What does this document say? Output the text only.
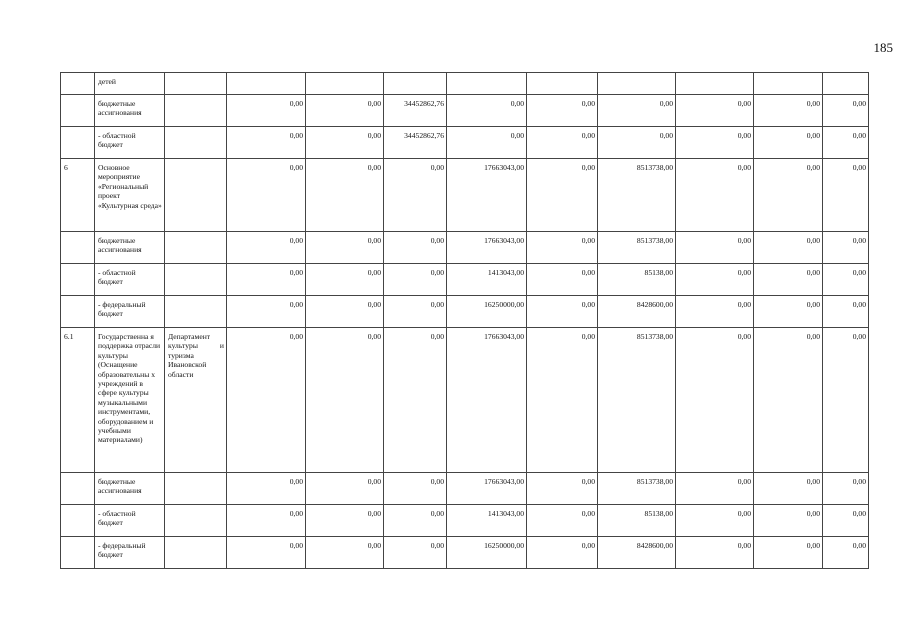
185
	детей										
	бюджетные ассигнования		0,00	0,00	34452862,76	0,00	0,00	0,00	0,00	0,00	0,00
	- областной бюджет		0,00	0,00	34452862,76	0,00	0,00	0,00	0,00	0,00	0,00
6	Основное мероприятие «Региональный проект «Культурная среда»		0,00	0,00	0,00	17663043,00	0,00	8513738,00	0,00	0,00	0,00
	бюджетные ассигнования		0,00	0,00	0,00	17663043,00	0,00	8513738,00	0,00	0,00	0,00
	- областной бюджет		0,00	0,00	0,00	1413043,00	0,00	85138,00	0,00	0,00	0,00
	- федеральный бюджет		0,00	0,00	0,00	16250000,00	0,00	8428600,00	0,00	0,00	0,00
6.1	Государственна я поддержка отрасли культуры (Оснащение образовательны х учреждений в сфере культуры музыкальными инструментами, оборудованием и учебными материалами)	Департамент культуры и туризма Ивановской области	0,00	0,00	0,00	17663043,00	0,00	8513738,00	0,00	0,00	0,00
	бюджетные ассигнования		0,00	0,00	0,00	17663043,00	0,00	8513738,00	0,00	0,00	0,00
	- областной бюджет		0,00	0,00	0,00	1413043,00	0,00	85138,00	0,00	0,00	0,00
	- федеральный бюджет		0,00	0,00	0,00	16250000,00	0,00	8428600,00	0,00	0,00	0,00
